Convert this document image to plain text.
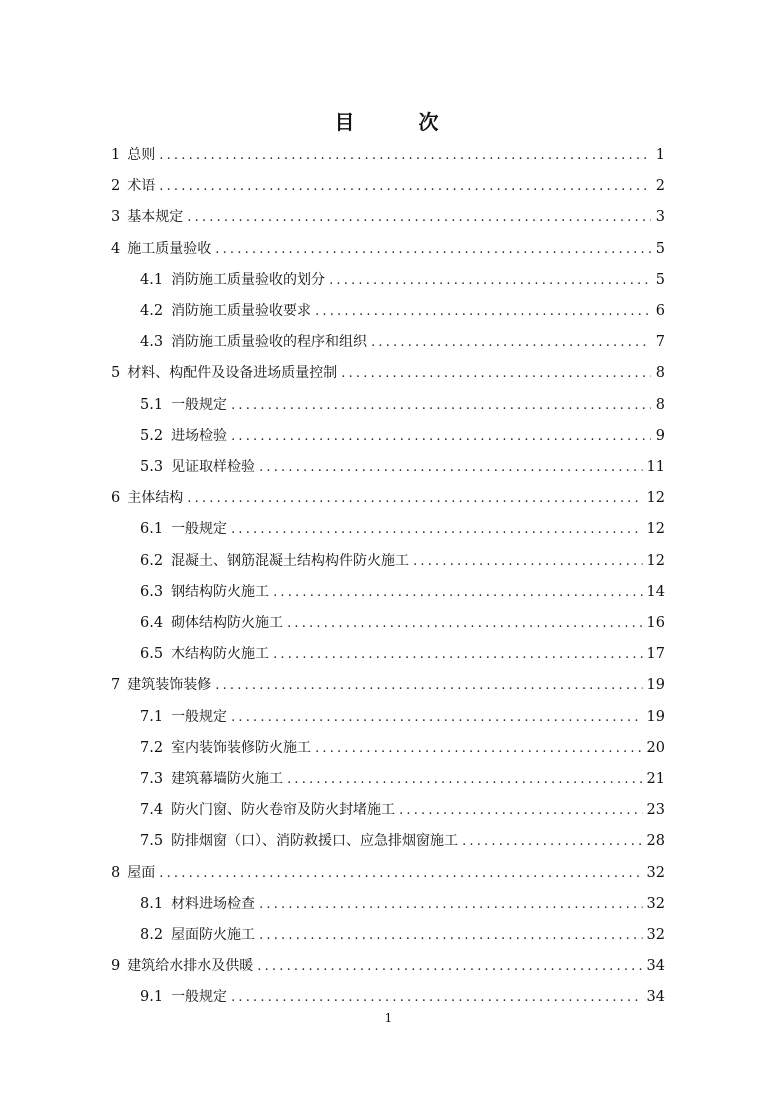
目　次
1 总则 .....	1
2 术语 .....	2
3 基本规定 .....	3
4 施工质量验收 .....	5
4.1 消防施工质量验收的划分 .....	5
4.2 消防施工质量验收要求 .....	6
4.3 消防施工质量验收的程序和组织 .....	7
5 材料、构配件及设备进场质量控制 .....	8
5.1 一般规定 .....	8
5.2 进场检验 .....	9
5.3 见证取样检验 .....	11
6 主体结构 .....	12
6.1 一般规定 .....	12
6.2 混凝土、钢筋混凝土结构构件防火施工 .....	12
6.3 钢结构防火施工 .....	14
6.4 砌体结构防火施工 .....	16
6.5 木结构防火施工 .....	17
7 建筑装饰装修 .....	19
7.1 一般规定 .....	19
7.2 室内装饰装修防火施工 .....	20
7.3 建筑幕墙防火施工 .....	21
7.4 防火门窗、防火卷帘及防火封堵施工 .....	23
7.5 防排烟窗（口）、消防救援口、应急排烟窗施工 .....	28
8 屋面 .....	32
8.1 材料进场检查 .....	32
8.2 屋面防火施工 .....	32
9 建筑给水排水及供暖 .....	34
9.1 一般规定 .....	34
1
